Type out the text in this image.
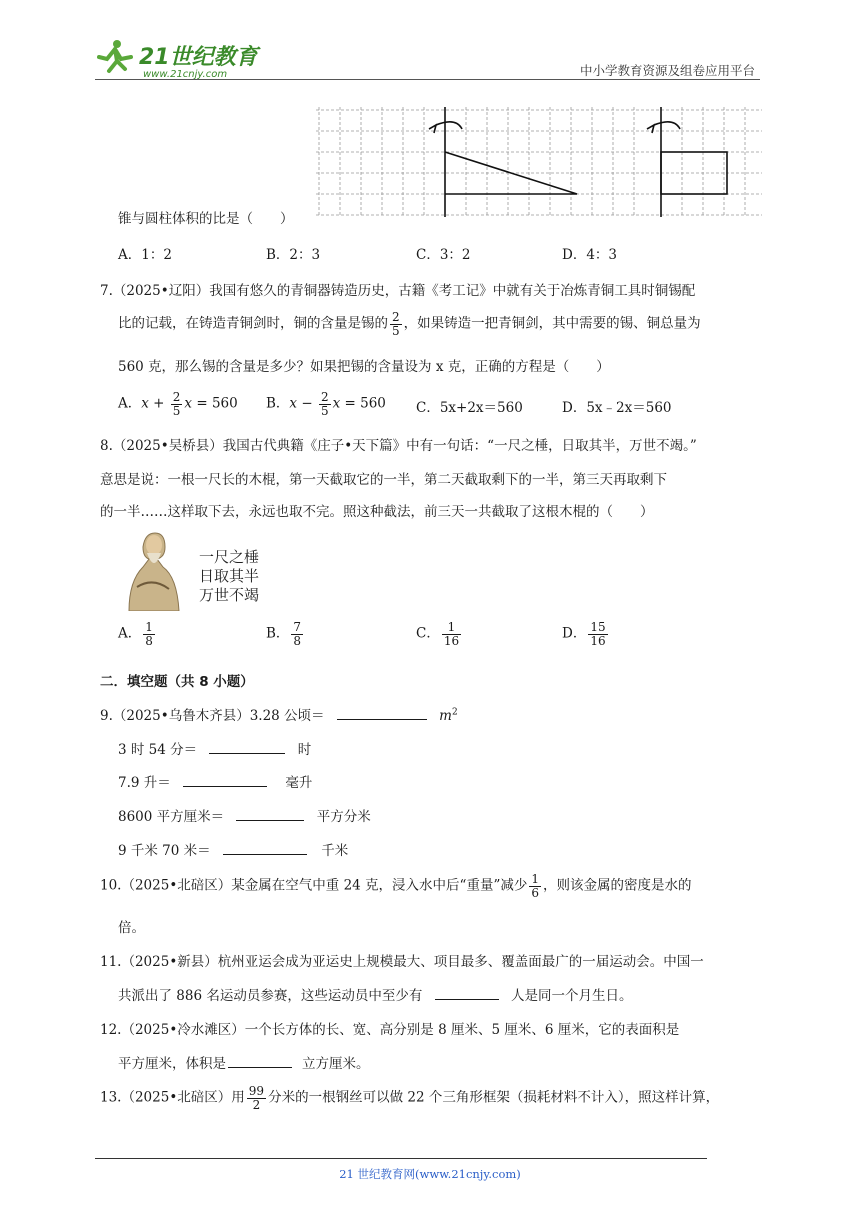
21世纪教育
www.21cnjy.com	中小学教育资源及组卷应用平台
锥与圆柱体积的比是（　　）
A．1：2	B．2：3	C．3：2	D．4：3
7.（2025•辽阳）我国有悠久的青铜器铸造历史，古籍《考工记》中就有关于冶炼青铜工具时铜锡配
比的记载，在铸造青铜剑时，铜的含量是锡的 $\frac{2}{5}$ ，如果铸造一把青铜剑，其中需要的锡、铜总量为
560 克，那么锡的含量是多少？如果把锡的含量设为 x 克，正确的方程是（　　）
A．$x + \frac{2}{5}$ x = 560 B．$x - \frac{2}{5}$ x = 560 C．5x+2x＝560	D．5x﹣2x＝560
8.（2025•吴桥县）我国古代典籍《庄子•天下篇》中有一句话：“一尺之棰，日取其半，万世不竭。”
意思是说：一根一尺长的木棍，第一天截取它的一半，第二天截取剩下的一半，第三天再取剩下
的一半……这样取下去，永远也取不完。照这种截法，前三天一共截取了这根木棍的（　　）
一尺之棰
日取其半
万世不竭
A． $\frac{1}{8}$	B． $\frac{7}{8}$	C． $\frac{1}{16}$	D． $\frac{15}{16}$
二．填空题（共 8 小题）
9.（2025•乌鲁木齐县）3.28 公顷＝	$m^2$
3 时 54 分＝	时
7.9 升＝	毫升
8600 平方厘米＝	平方分米
9 千米 70 米＝	千米
10.（2025•北碚区）某金属在空气中重 24 克，浸入水中后“重量”减少 $\frac{1}{6}$ ，则该金属的密度是水的
倍。
11.（2025•新县）杭州亚运会成为亚运史上规模最大、项目最多、覆盖面最广的一届运动会。中国一
共派出了 886 名运动员参赛，这些运动员中至少有	人是同一个月生日。
12.（2025•冷水滩区）一个长方体的长、宽、高分别是 8 厘米、5 厘米、6 厘米，它的表面积是
平方厘米，体积是	立方厘米。
13.（2025•北碚区）用 $\frac{99}{2}$ 分米的一根钢丝可以做 22 个三角形框架（损耗材料不计入），照这样计算，
21 世纪教育网(www.21cnjy.com)
